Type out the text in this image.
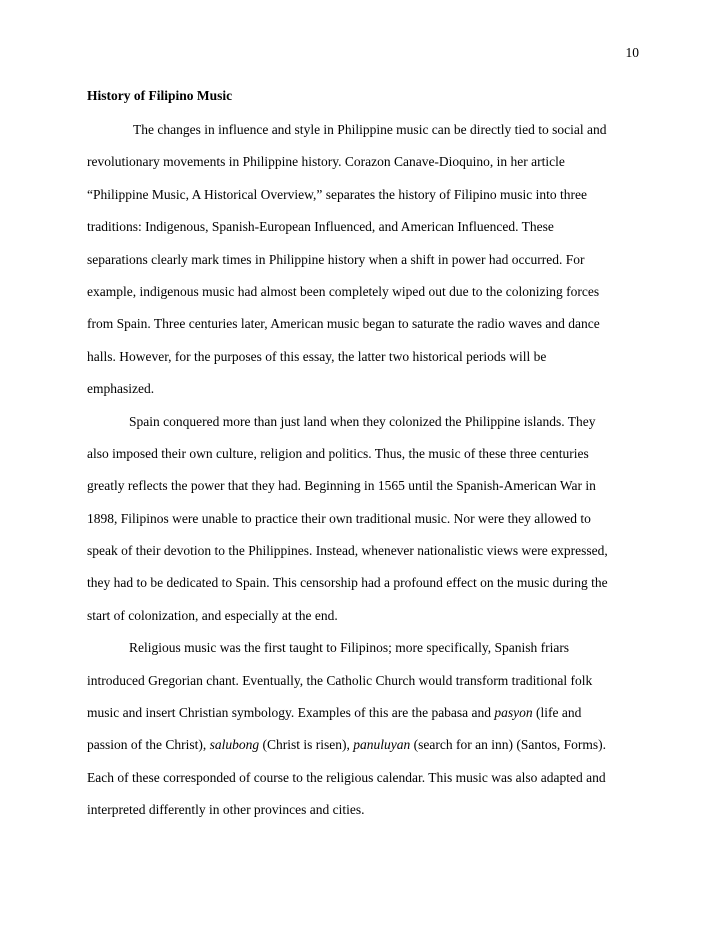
10
History of Filipino Music
The changes in influence and style in Philippine music can be directly tied to social and
revolutionary movements in Philippine history. Corazon Canave-Dioquino, in her article
“Philippine Music, A Historical Overview,” separates the history of Filipino music into three
traditions: Indigenous, Spanish-European Influenced, and American Influenced. These
separations clearly mark times in Philippine history when a shift in power had occurred. For
example, indigenous music had almost been completely wiped out due to the colonizing forces
from Spain. Three centuries later, American music began to saturate the radio waves and dance
halls. However, for the purposes of this essay, the latter two historical periods will be
emphasized.
Spain conquered more than just land when they colonized the Philippine islands. They
also imposed their own culture, religion and politics. Thus, the music of these three centuries
greatly reflects the power that they had. Beginning in 1565 until the Spanish-American War in
1898, Filipinos were unable to practice their own traditional music. Nor were they allowed to
speak of their devotion to the Philippines. Instead, whenever nationalistic views were expressed,
they had to be dedicated to Spain. This censorship had a profound effect on the music during the
start of colonization, and especially at the end.
Religious music was the first taught to Filipinos; more specifically, Spanish friars
introduced Gregorian chant. Eventually, the Catholic Church would transform traditional folk
music and insert Christian symbology. Examples of this are the pabasa and pasyon (life and
passion of the Christ), salubong (Christ is risen), panuluyan (search for an inn) (Santos, Forms).
Each of these corresponded of course to the religious calendar. This music was also adapted and
interpreted differently in other provinces and cities.
